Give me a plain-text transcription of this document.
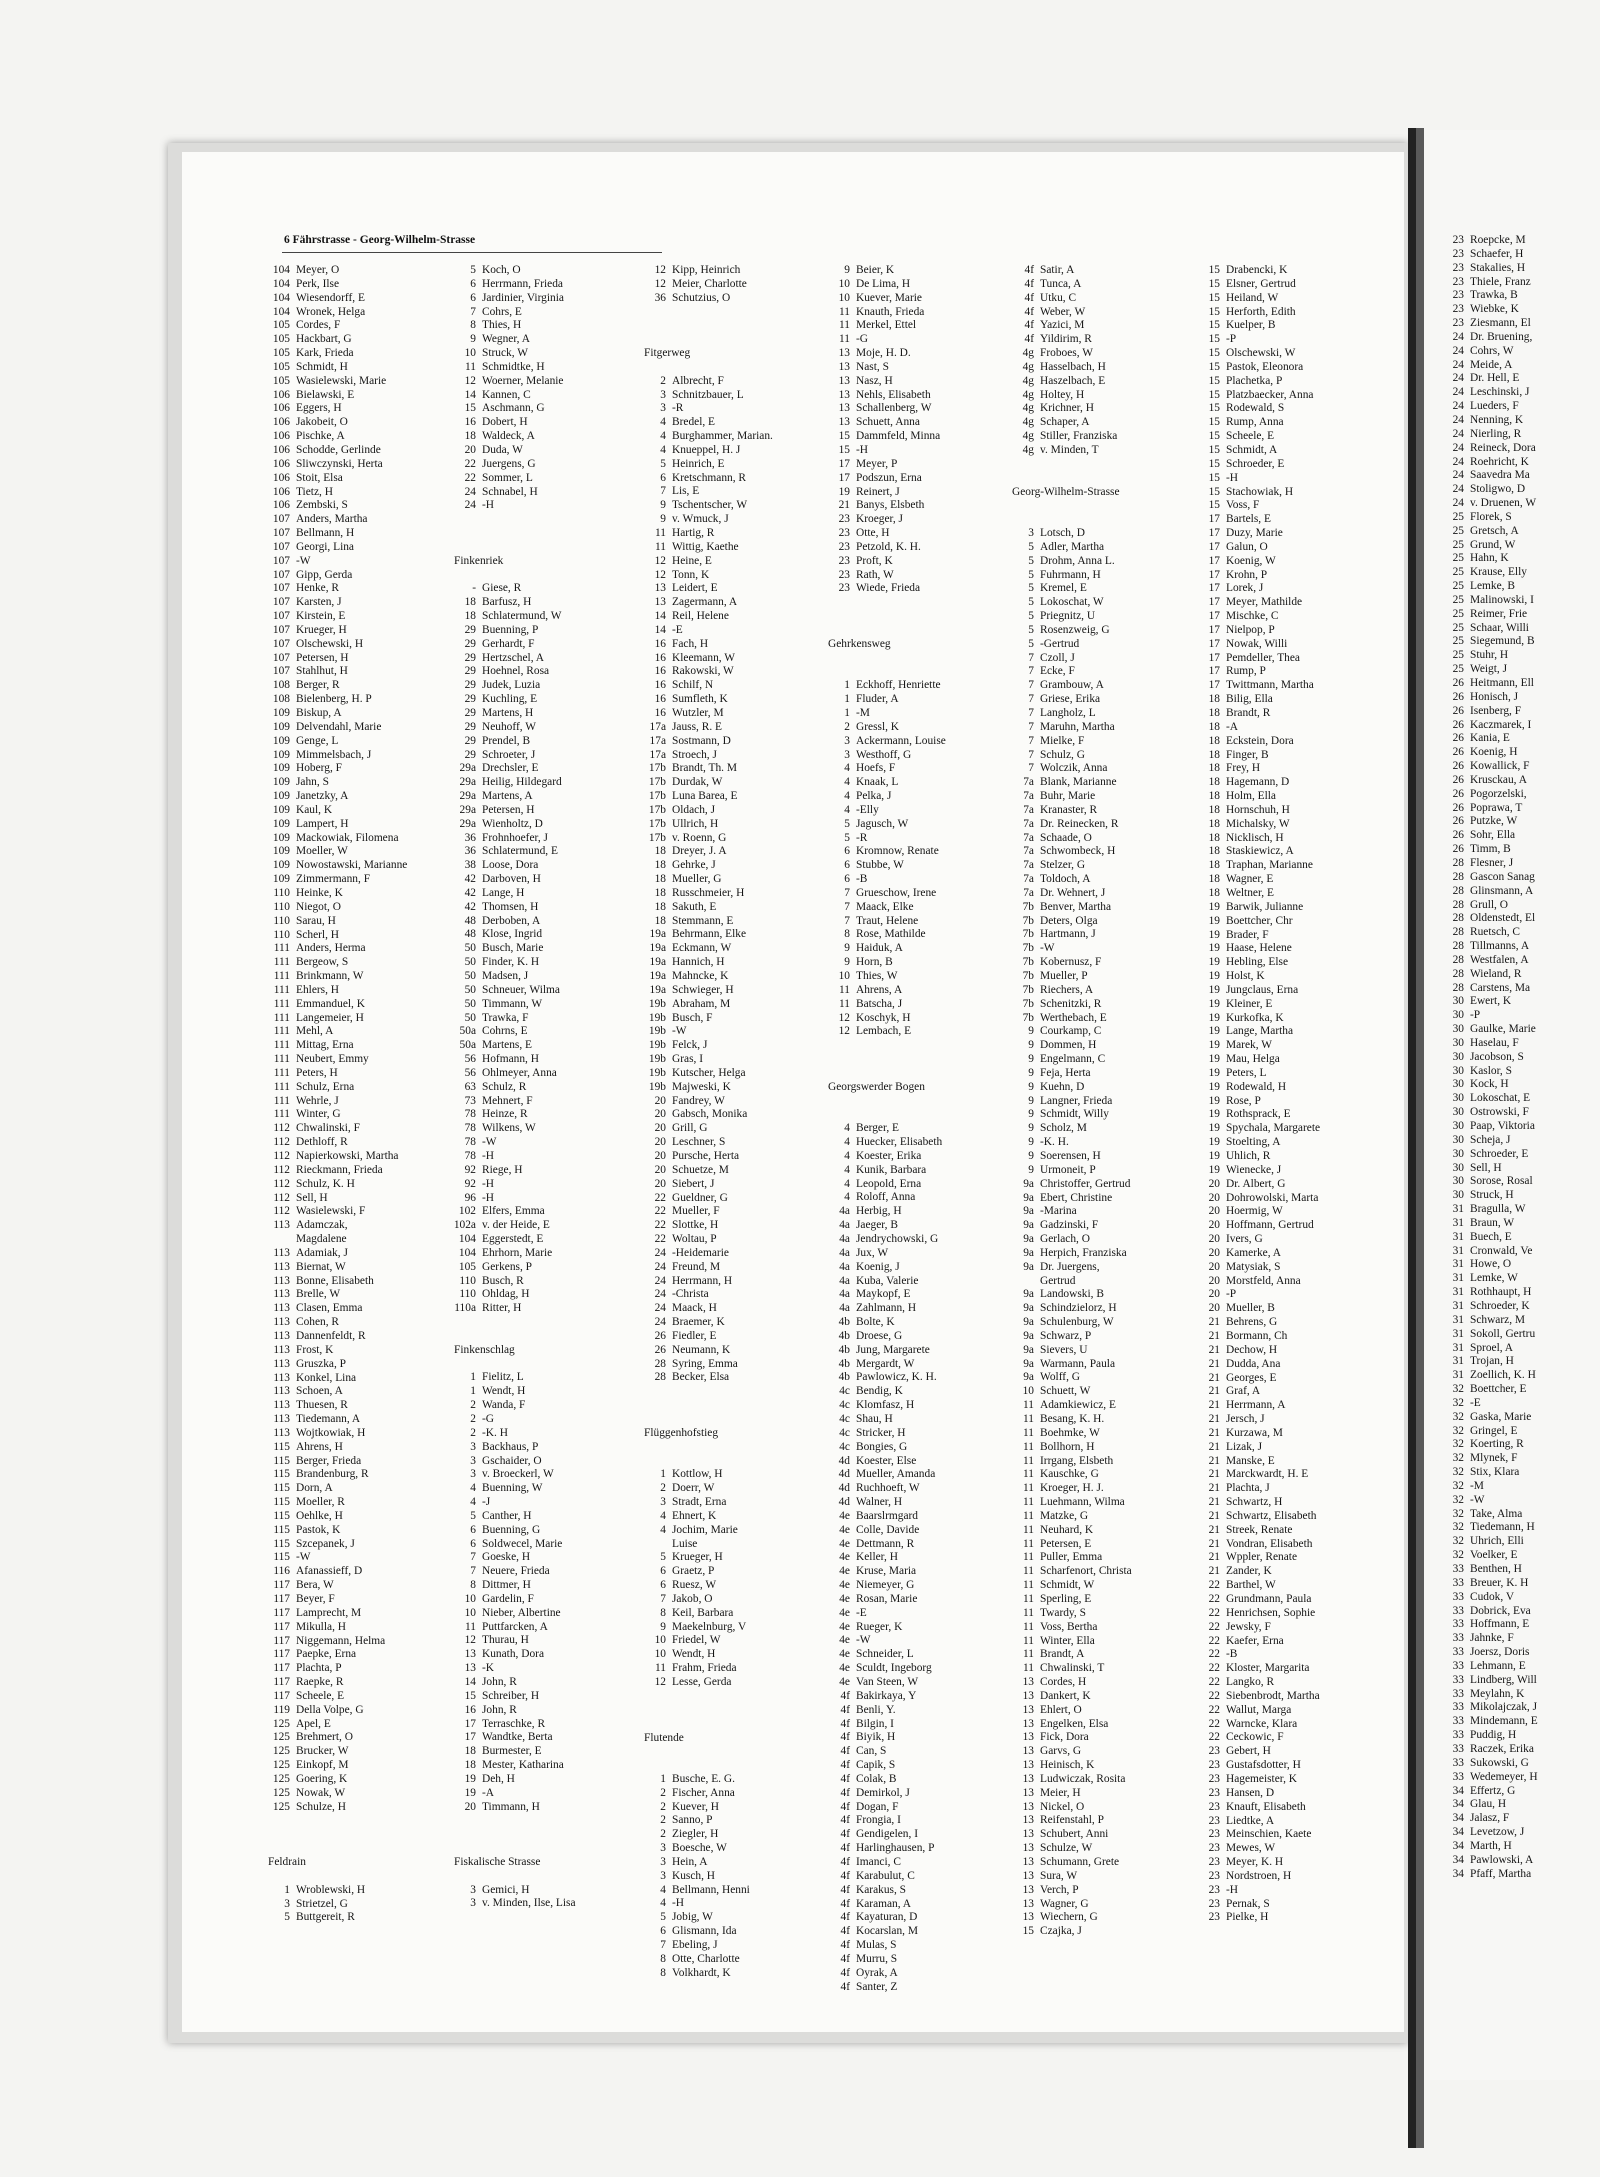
6 Fährstrasse - Georg-Wilhelm-Strasse
104 Meyer, O
104 Perk, Ilse
104 Wiesendorff, E
104 Wronek, Helga
105 Cordes, F
105 Hackbart, G
105 Kark, Frieda
105 Schmidt, H
105 Wasielewski, Marie
106 Bielawski, E
106 Eggers, H
106 Jakobeit, O
106 Pischke, A
106 Schodde, Gerlinde
106 Sliwczynski, Herta
106 Stoit, Elsa
106 Tietz, H
106 Zembski, S
107 Anders, Martha
107 Bellmann, H
107 Georgi, Lina
107 -W
107 Gipp, Gerda
107 Henke, R
107 Karsten, J
107 Kirstein, E
107 Krueger, H
107 Olschewski, H
107 Petersen, H
107 Stahlhut, H
108 Berger, R
108 Bielenberg, H. P
109 Biskup, A
109 Delvendahl, Marie
109 Genge, L
109 Mimmelsbach, J
109 Hoberg, F
109 Jahn, S
109 Janetzky, A
109 Kaul, K
109 Lampert, H
109 Mackowiak, Filomena
109 Moeller, W
109 Nowostawski, Marianne
109 Zimmermann, F
110 Heinke, K
110 Niegot, O
110 Sarau, H
110 Scherl, H
111 Anders, Herma
111 Bergeow, S
111 Brinkmann, W
111 Ehlers, H
111 Emmanduel, K
111 Langemeier, H
111 Mehl, A
111 Mittag, Erna
111 Neubert, Emmy
111 Peters, H
111 Schulz, Erna
111 Wehrle, J
111 Winter, G
112 Chwalinski, F
112 Dethloff, R
112 Napierkowski, Martha
112 Rieckmann, Frieda
112 Schulz, K. H
112 Sell, H
112 Wasielewski, F
113 Adamczak,
Magdalene
113 Adamiak, J
113 Biernat, W
113 Bonne, Elisabeth
113 Brelle, W
113 Clasen, Emma
113 Cohen, R
113 Dannenfeldt, R
113 Frost, K
113 Gruszka, P
113 Konkel, Lina
113 Schoen, A
113 Thuesen, R
113 Tiedemann, A
113 Wojtkowiak, H
115 Ahrens, H
115 Berger, Frieda
115 Brandenburg, R
115 Dorn, A
115 Moeller, R
115 Oehlke, H
115 Pastok, K
115 Szcepanek, J
115 -W
116 Afanassieff, D
117 Bera, W
117 Beyer, F
117 Lamprecht, M
117 Mikulla, H
117 Niggemann, Helma
117 Paepke, Erna
117 Plachta, P
117 Raepke, R
117 Scheele, E
119 Della Volpe, G
125 Apel, E
125 Brehmert, O
125 Brucker, W
125 Einkopf, M
125 Goering, K
125 Nowak, W
125 Schulze, H
Feldrain
1 Wroblewski, H
3 Strietzel, G
5 Buttgereit, R
5 Koch, O
6 Herrmann, Frieda
6 Jardinier, Virginia
7 Cohrs, E
8 Thies, H
9 Wegner, A
10 Struck, W
11 Schmidtke, H
12 Woerner, Melanie
14 Kannen, C
15 Aschmann, G
16 Dobert, H
18 Waldeck, A
20 Duda, W
22 Juergens, G
22 Sommer, L
24 Schnabel, H
24 -H
Finkenriek
- Giese, R
18 Barfusz, H
18 Schlatermund, W
29 Buenning, P
29 Gerhardt, F
29 Hertzschel, A
29 Hoehnel, Rosa
29 Judek, Luzia
29 Kuchling, E
29 Martens, H
29 Neuhoff, W
29 Prendel, B
29 Schroeter, J
29a Drechsler, E
29a Heilig, Hildegard
29a Martens, A
29a Petersen, H
29a Wienholtz, D
36 Frohnhoefer, J
36 Schlatermund, E
38 Loose, Dora
42 Darboven, H
42 Lange, H
42 Thomsen, H
48 Derboben, A
48 Klose, Ingrid
50 Busch, Marie
50 Finder, K. H
50 Madsen, J
50 Schneuer, Wilma
50 Timmann, W
50 Trawka, F
50a Cohrns, E
50a Martens, E
56 Hofmann, H
56 Ohlmeyer, Anna
63 Schulz, R
73 Mehnert, F
78 Heinze, R
78 Wilkens, W
78 -W
78 -H
92 Riege, H
92 -H
96 -H
102 Elfers, Emma
102a v. der Heide, E
104 Eggerstedt, E
104 Ehrhorn, Marie
105 Gerkens, P
110 Busch, R
110 Ohldag, H
110a Ritter, H
Finkenschlag
1 Fielitz, L
1 Wendt, H
2 Wanda, F
2 -G
2 -K. H
3 Backhaus, P
3 Gschaider, O
3 v. Broeckerl, W
4 Buenning, W
4 -J
5 Canther, H
6 Buenning, G
6 Soldwecel, Marie
7 Goeske, H
7 Neuere, Frieda
8 Dittmer, H
10 Gardelin, F
10 Nieber, Albertine
11 Puttfarcken, A
12 Thurau, H
13 Kunath, Dora
13 -K
14 John, R
15 Schreiber, H
16 John, R
17 Terraschke, R
17 Wandtke, Berta
18 Burmester, E
18 Mester, Katharina
19 Deh, H
19 -A
20 Timmann, H
Fiskalische Strasse
3 Gemici, H
3 v. Minden, Ilse, Lisa
12 Kipp, Heinrich
12 Meier, Charlotte
36 Schutzius, O
Fitgerweg
2 Albrecht, F
3 Schnitzbauer, L
3 -R
4 Bredel, E
4 Burghammer, Marian.
4 Knueppel, H. J
5 Heinrich, E
6 Kretschmann, R
7 Lis, E
9 Tschentscher, W
9 v. Wmuck, J
11 Hartig, R
11 Wittig, Kaethe
12 Heine, E
12 Tonn, K
13 Leidert, E
13 Zagermann, A
14 Reil, Helene
14 -E
16 Fach, H
16 Kleemann, W
16 Rakowski, W
16 Schilf, N
16 Sumfleth, K
16 Wutzler, M
17a Jauss, R. E
17a Sostmann, D
17a Stroech, J
17b Brandt, Th. M
17b Durdak, W
17b Luna Barea, E
17b Oldach, J
17b Ullrich, H
17b v. Roenn, G
18 Dreyer, J. A
18 Gehrke, J
18 Mueller, G
18 Russchmeier, H
18 Sakuth, E
18 Stemmann, E
19a Behrmann, Elke
19a Eckmann, W
19a Hannich, H
19a Mahncke, K
19a Schwieger, H
19b Abraham, M
19b Busch, F
19b -W
19b Felck, J
19b Gras, I
19b Kutscher, Helga
19b Majweski, K
20 Fandrey, W
20 Gabsch, Monika
20 Grill, G
20 Leschner, S
20 Pursche, Herta
20 Schuetze, M
20 Siebert, J
22 Gueldner, G
22 Mueller, F
22 Slottke, H
22 Woltau, P
24 -Heidemarie
24 Freund, M
24 Herrmann, H
24 -Christa
24 Maack, H
24 Braemer, K
26 Fiedler, E
26 Neumann, K
28 Syring, Emma
28 Becker, Elsa
Flüggenhofstieg
1 Kottlow, H
2 Doerr, W
3 Stradt, Erna
4 Ehnert, K
4 Jochim, Marie
Luise
5 Krueger, H
6 Graetz, P
6 Ruesz, W
7 Jakob, O
8 Keil, Barbara
9 Maekelnburg, V
10 Friedel, W
10 Wendt, H
11 Frahm, Frieda
12 Lesse, Gerda
Flutende
1 Busche, E. G.
2 Fischer, Anna
2 Kuever, H
2 Sanno, P
2 Ziegler, H
3 Boesche, W
3 Hein, A
3 Kusch, H
4 Bellmann, Henni
4 -H
5 Jobig, W
6 Glismann, Ida
7 Ebeling, J
8 Otte, Charlotte
8 Volkhardt, K
9 Beier, K
10 De Lima, H
10 Kuever, Marie
11 Knauth, Frieda
11 Merkel, Ettel
11 -G
13 Moje, H. D.
13 Nast, S
13 Nasz, H
13 Nehls, Elisabeth
13 Schallenberg, W
13 Schuett, Anna
15 Dammfeld, Minna
15 -H
17 Meyer, P
17 Podszun, Erna
19 Reinert, J
21 Banys, Elsbeth
23 Kroeger, J
23 Otte, H
23 Petzold, K. H.
23 Proft, K
23 Rath, W
23 Wiede, Frieda
Gehrkensweg
1 Eckhoff, Henriette
1 Fluder, A
1 -M
2 Gressl, K
3 Ackermann, Louise
3 Westhoff, G
4 Hoefs, F
4 Knaak, L
4 Pelka, J
4 -Elly
5 Jagusch, W
5 -R
6 Kromnow, Renate
6 Stubbe, W
6 -B
7 Grueschow, Irene
7 Maack, Elke
7 Traut, Helene
8 Rose, Mathilde
9 Haiduk, A
9 Horn, B
10 Thies, W
11 Ahrens, A
11 Batscha, J
12 Koschyk, H
12 Lembach, E
Georgswerder Bogen
4 Berger, E
4 Huecker, Elisabeth
4 Koester, Erika
4 Kunik, Barbara
4 Leopold, Erna
4 Roloff, Anna
4a Herbig, H
4a Jaeger, B
4a Jendrychowski, G
4a Jux, W
4a Koenig, J
4a Kuba, Valerie
4a Maykopf, E
4a Zahlmann, H
4b Bolte, K
4b Droese, G
4b Jung, Margarete
4b Mergardt, W
4b Pawlowicz, K. H.
4c Bendig, K
4c Klomfasz, H
4c Shau, H
4c Stricker, H
4c Bongies, G
4d Koester, Else
4d Mueller, Amanda
4d Ruchhoeft, W
4d Walner, H
4e Baarslrmgard
4e Colle, Davide
4e Dettmann, R
4e Keller, H
4e Kruse, Maria
4e Niemeyer, G
4e Rosan, Marie
4e -E
4e Rueger, K
4e -W
4e Schneider, L
4e Sculdt, Ingeborg
4e Van Steen, W
4f Bakirkaya, Y
4f Benli, Y.
4f Bilgin, I
4f Biyik, H
4f Can, S
4f Capik, S
4f Colak, B
4f Demirkol, J
4f Dogan, F
4f Frongia, I
4f Gendigelen, I
4f Harlinghausen, P
4f Imanci, C
4f Karabulut, C
4f Karakus, S
4f Karaman, A
4f Kayaturan, D
4f Kocarslan, M
4f Mulas, S
4f Murru, S
4f Oyrak, A
4f Santer, Z
4f Satir, A
4f Tunca, A
4f Utku, C
4f Weber, W
4f Yazici, M
4f Yildirim, R
4g Froboes, W
4g Hasselbach, H
4g Haszelbach, E
4g Holtey, H
4g Krichner, H
4g Schaper, A
4g Stiller, Franziska
4g v. Minden, T
Georg-Wilhelm-Strasse
3 Lotsch, D
5 Adler, Martha
5 Drohm, Anna L.
5 Fuhrmann, H
5 Kremel, E
5 Lokoschat, W
5 Priegnitz, U
5 Rosenzweig, G
5 -Gertrud
7 Czoll, J
7 Ecke, F
7 Grambouw, A
7 Griese, Erika
7 Langholz, L
7 Maruhn, Martha
7 Mielke, F
7 Schulz, G
7 Wolczik, Anna
7a Blank, Marianne
7a Buhr, Marie
7a Kranaster, R
7a Dr. Reinecken, R
7a Schaade, O
7a Schwombeck, H
7a Stelzer, G
7a Toldoch, A
7a Dr. Wehnert, J
7b Benver, Martha
7b Deters, Olga
7b Hartmann, J
7b -W
7b Kobernusz, F
7b Mueller, P
7b Riechers, A
7b Schenitzki, R
7b Werthebach, E
9 Courkamp, C
9 Dommen, H
9 Engelmann, C
9 Feja, Herta
9 Kuehn, D
9 Langner, Frieda
9 Schmidt, Willy
9 Scholz, M
9 -K. H.
9 Soerensen, H
9 Urmoneit, P
9a Christoffer, Gertrud
9a Ebert, Christine
9a -Marina
9a Gadzinski, F
9a Gerlach, O
9a Herpich, Franziska
9a Dr. Juergens,
Gertrud
9a Landowski, B
9a Schindzielorz, H
9a Schulenburg, W
9a Schwarz, P
9a Sievers, U
9a Warmann, Paula
9a Wolff, G
10 Schuett, W
11 Adamkiewicz, E
11 Besang, K. H.
11 Boehmke, W
11 Bollhorn, H
11 Irrgang, Elsbeth
11 Kauschke, G
11 Kroeger, H. J.
11 Luehmann, Wilma
11 Matzke, G
11 Neuhard, K
11 Petersen, E
11 Puller, Emma
11 Scharfenort, Christa
11 Schmidt, W
11 Sperling, E
11 Twardy, S
11 Voss, Bertha
11 Winter, Ella
11 Brandt, A
11 Chwalinski, T
13 Cordes, H
13 Dankert, K
13 Ehlert, O
13 Engelken, Elsa
13 Fick, Dora
13 Garvs, G
13 Heinisch, K
13 Ludwiczak, Rosita
13 Meier, H
13 Nickel, O
13 Reifenstahl, P
13 Schubert, Anni
13 Schulze, W
13 Schumann, Grete
13 Sura, W
13 Verch, P
13 Wagner, G
13 Wiechern, G
15 Czajka, J
15 Drabencki, K
15 Elsner, Gertrud
15 Heiland, W
15 Herforth, Edith
15 Kuelper, B
15 -P
15 Olschewski, W
15 Pastok, Eleonora
15 Plachetka, P
15 Platzbaecker, Anna
15 Rodewald, S
15 Rump, Anna
15 Scheele, E
15 Schmidt, A
15 Schroeder, E
15 -H
15 Stachowiak, H
15 Voss, F
17 Bartels, E
17 Duzy, Marie
17 Galun, O
17 Koenig, W
17 Krohn, P
17 Lorek, J
17 Meyer, Mathilde
17 Mischke, C
17 Nielpop, P
17 Nowak, Willi
17 Pemdeller, Thea
17 Rump, P
17 Twittmann, Martha
18 Bilig, Ella
18 Brandt, R
18 -A
18 Eckstein, Dora
18 Finger, B
18 Frey, H
18 Hagemann, D
18 Holm, Ella
18 Hornschuh, H
18 Michalsky, W
18 Nicklisch, H
18 Staskiewicz, A
18 Traphan, Marianne
18 Wagner, E
18 Weltner, E
19 Barwik, Julianne
19 Boettcher, Chr
19 Brader, F
19 Haase, Helene
19 Hebling, Else
19 Holst, K
19 Jungclaus, Erna
19 Kleiner, E
19 Kurkofka, K
19 Lange, Martha
19 Marek, W
19 Mau, Helga
19 Peters, L
19 Rodewald, H
19 Rose, P
19 Rothsprack, E
19 Spychala, Margarete
19 Stoelting, A
19 Uhlich, R
19 Wienecke, J
20 Dr. Albert, G
20 Dohrowolski, Marta
20 Hoermig, W
20 Hoffmann, Gertrud
20 Ivers, G
20 Kamerke, A
20 Matysiak, S
20 Morstfeld, Anna
20 -P
20 Mueller, B
21 Behrens, G
21 Bormann, Ch
21 Dechow, H
21 Dudda, Ana
21 Georges, E
21 Graf, A
21 Herrmann, A
21 Jersch, J
21 Kurzawa, M
21 Lizak, J
21 Manske, E
21 Marckwardt, H. E
21 Plachta, J
21 Schwartz, H
21 Schwartz, Elisabeth
21 Streek, Renate
21 Vondran, Elisabeth
21 Wppler, Renate
21 Zander, K
22 Barthel, W
22 Grundmann, Paula
22 Henrichsen, Sophie
22 Jewsky, F
22 Kaefer, Erna
22 -B
22 Kloster, Margarita
22 Langko, R
22 Siebenbrodt, Martha
22 Wallut, Marga
22 Warncke, Klara
22 Ceckowic, F
23 Gebert, H
23 Gustafsdotter, H
23 Hagemeister, K
23 Hansen, D
23 Knauft, Elisabeth
23 Liedtke, A
23 Meinschien, Kaete
23 Mewes, W
23 Meyer, K. H
23 Nordstroen, H
23 -H
23 Pernak, S
23 Pielke, H
23 Roepcke, M
23 Schaefer, H
23 Stakalies, H
23 Thiele, Franz
23 Trawka, B
23 Wiebke, K
23 Ziesmann, El
24 Dr. Bruening,
24 Cohrs, W
24 Meide, A
24 Dr. Hell, E
24 Leschinski, J
24 Lueders, F
24 Nenning, K
24 Nierling, R
24 Reineck, Dora
24 Roehricht, K
24 Saavedra Ma
24 Stoligwo, D
24 v. Druenen, W
25 Florek, S
25 Gretsch, A
25 Grund, W
25 Hahn, K
25 Krause, Elly
25 Lemke, B
25 Malinowski, I
25 Reimer, Frie
25 Schaar, Willi
25 Siegemund, B
25 Stuhr, H
25 Weigt, J
26 Heitmann, Ell
26 Honisch, J
26 Isenberg, F
26 Kaczmarek, I
26 Kania, E
26 Koenig, H
26 Kowallick, F
26 Krusckau, A
26 Pogorzelski,
26 Poprawa, T
26 Putzke, W
26 Sohr, Ella
26 Timm, B
28 Flesner, J
28 Gascon Sanag
28 Glinsmann, A
28 Grull, O
28 Oldenstedt, El
28 Ruetsch, C
28 Tillmanns, A
28 Westfalen, A
28 Wieland, R
28 Carstens, Ma
30 Ewert, K
30 -P
30 Gaulke, Marie
30 Haselau, F
30 Jacobson, S
30 Kaslor, S
30 Kock, H
30 Lokoschat, E
30 Ostrowski, F
30 Paap, Viktoria
30 Scheja, J
30 Schroeder, E
30 Sell, H
30 Sorose, Rosal
30 Struck, H
31 Bragulla, W
31 Braun, W
31 Buech, E
31 Cronwald, Ve
31 Howe, O
31 Lemke, W
31 Rothhaupt, H
31 Schroeder, K
31 Schwarz, M
31 Sokoll, Gertru
31 Sproel, A
31 Trojan, H
31 Zoellich, K. H
32 Boettcher, E
32 -E
32 Gaska, Marie
32 Gringel, E
32 Koerting, R
32 Mlynek, F
32 Stix, Klara
32 -M
32 -W
32 Take, Alma
32 Tiedemann, H
32 Uhrich, Elli
32 Voelker, E
33 Benthen, H
33 Breuer, K. H
33 Cudok, V
33 Dobrick, Eva
33 Hoffmann, E
33 Jahnke, F
33 Joersz, Doris
33 Lehmann, E
33 Lindberg, Will
33 Meylahn, K
33 Mikolajczak, J
33 Mindemann, E
33 Puddig, H
33 Raczek, Erika
33 Sukowski, G
33 Wedemeyer, H
34 Effertz, G
34 Glau, H
34 Jalasz, F
34 Levetzow, J
34 Marth, H
34 Pawlowski, A
34 Pfaff, Martha
